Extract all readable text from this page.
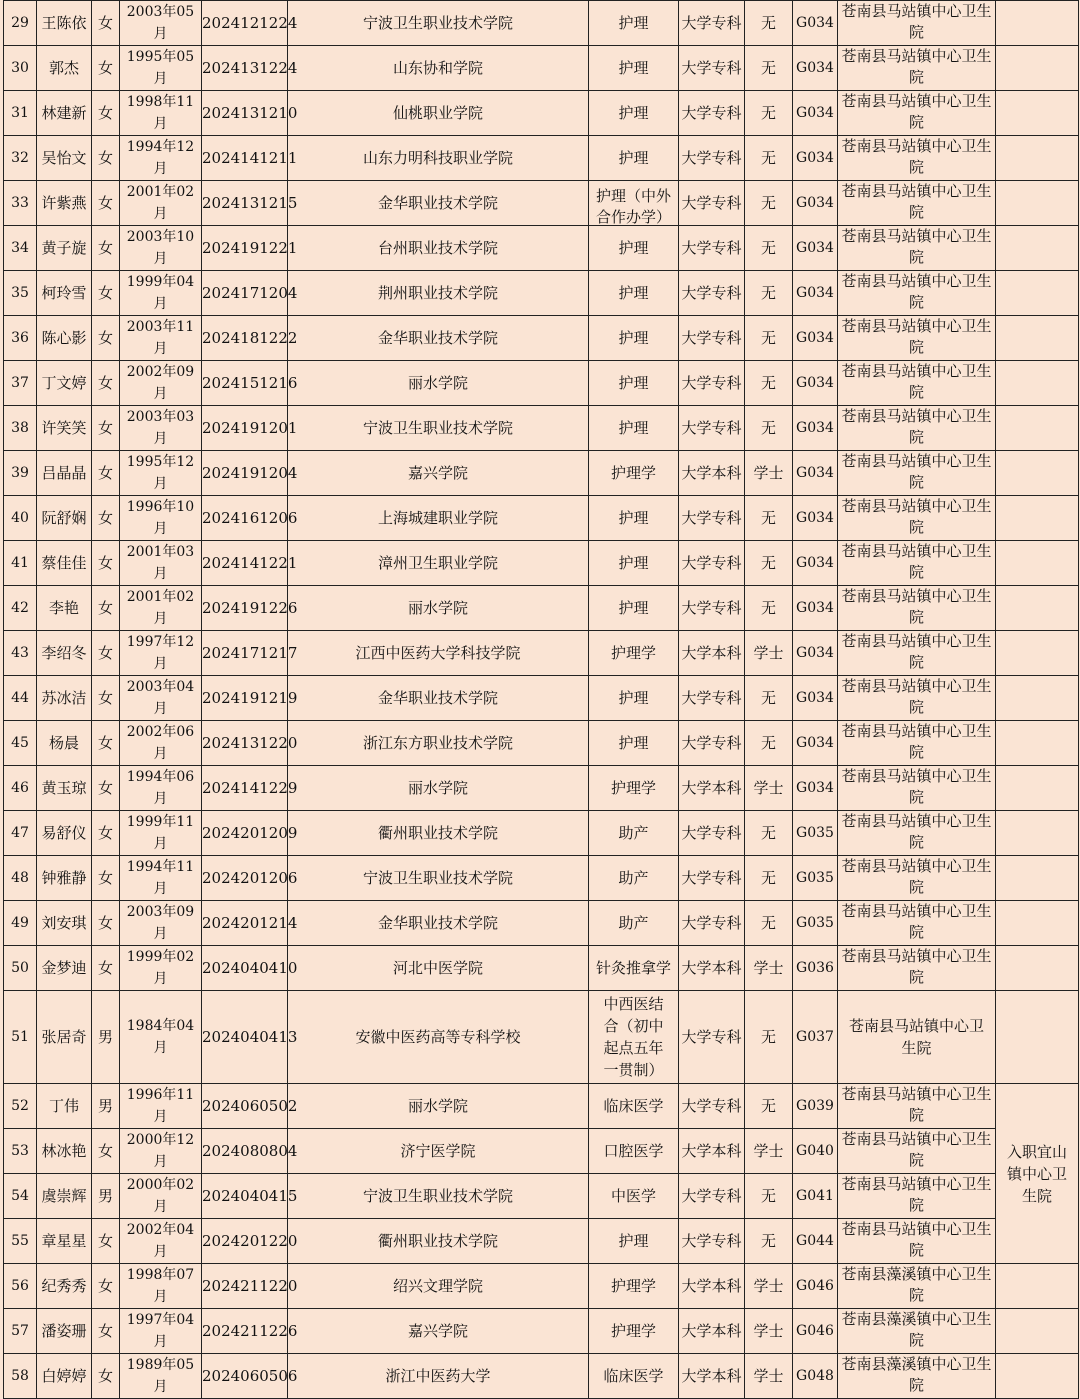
29	王陈依	女	2003年05月	2024121224	宁波卫生职业技术学院	护理	大学专科	无	G034	苍南县马站镇中心卫生院	

30	郭杰	女	1995年05月	2024131224	山东协和学院	护理	大学专科	无	G034	苍南县马站镇中心卫生院	

31	林建新	女	1998年11月	2024131210	仙桃职业学院	护理	大学专科	无	G034	苍南县马站镇中心卫生院	

32	吴怡文	女	1994年12月	2024141211	山东力明科技职业学院	护理	大学专科	无	G034	苍南县马站镇中心卫生院	

33	许紫燕	女	2001年02月	2024131215	金华职业技术学院	护理（中外合作办学）	大学专科	无	G034	苍南县马站镇中心卫生院	

34	黄子旋	女	2003年10月	2024191221	台州职业技术学院	护理	大学专科	无	G034	苍南县马站镇中心卫生院	

35	柯玲雪	女	1999年04月	2024171204	荆州职业技术学院	护理	大学专科	无	G034	苍南县马站镇中心卫生院	

36	陈心影	女	2003年11月	2024181222	金华职业技术学院	护理	大学专科	无	G034	苍南县马站镇中心卫生院	

37	丁文婷	女	2002年09月	2024151216	丽水学院	护理	大学专科	无	G034	苍南县马站镇中心卫生院	

38	许笑笑	女	2003年03月	2024191201	宁波卫生职业技术学院	护理	大学专科	无	G034	苍南县马站镇中心卫生院	

39	吕晶晶	女	1995年12月	2024191204	嘉兴学院	护理学	大学本科	学士	G034	苍南县马站镇中心卫生院	

40	阮舒娴	女	1996年10月	2024161206	上海城建职业学院	护理	大学专科	无	G034	苍南县马站镇中心卫生院	

41	蔡佳佳	女	2001年03月	2024141221	漳州卫生职业学院	护理	大学专科	无	G034	苍南县马站镇中心卫生院	

42	李艳	女	2001年02月	2024191226	丽水学院	护理	大学专科	无	G034	苍南县马站镇中心卫生院	

43	李绍冬	女	1997年12月	2024171217	江西中医药大学科技学院	护理学	大学本科	学士	G034	苍南县马站镇中心卫生院	

44	苏冰洁	女	2003年04月	2024191219	金华职业技术学院	护理	大学专科	无	G034	苍南县马站镇中心卫生院	

45	杨晨	女	2002年06月	2024131220	浙江东方职业技术学院	护理	大学专科	无	G034	苍南县马站镇中心卫生院	

46	黄玉琼	女	1994年06月	2024141229	丽水学院	护理学	大学本科	学士	G034	苍南县马站镇中心卫生院	

47	易舒仪	女	1999年11月	2024201209	衢州职业技术学院	助产	大学专科	无	G035	苍南县马站镇中心卫生院	

48	钟雅静	女	1994年11月	2024201206	宁波卫生职业技术学院	助产	大学专科	无	G035	苍南县马站镇中心卫生院	

49	刘安琪	女	2003年09月	2024201214	金华职业技术学院	助产	大学专科	无	G035	苍南县马站镇中心卫生院	

50	金梦迪	女	1999年02月	2024040410	河北中医学院	针灸推拿学	大学本科	学士	G036	苍南县马站镇中心卫生院	

51	张居奇	男	1984年04月	2024040413	安徽中医药高等专科学校	中西医结合（初中起点五年一贯制）	大学专科	无	G037	苍南县马站镇中心卫生院	

52	丁伟	男	1996年11月	2024060502	丽水学院	临床医学	大学专科	无	G039	苍南县马站镇中心卫生院	入职宜山镇中心卫生院

53	林冰艳	女	2000年12月	2024080804	济宁医学院	口腔医学	大学本科	学士	G040	苍南县马站镇中心卫生院	

54	虞崇辉	男	2000年02月	2024040415	宁波卫生职业技术学院	中医学	大学专科	无	G041	苍南县马站镇中心卫生院	

55	章星星	女	2002年04月	2024201220	衢州职业技术学院	护理	大学专科	无	G044	苍南县马站镇中心卫生院	

56	纪秀秀	女	1998年07月	2024211220	绍兴文理学院	护理学	大学本科	学士	G046	苍南县藻溪镇中心卫生院	

57	潘姿珊	女	1997年04月	2024211226	嘉兴学院	护理学	大学本科	学士	G046	苍南县藻溪镇中心卫生院	

58	白婷婷	女	1989年05月	2024060506	浙江中医药大学	临床医学	大学本科	学士	G048	苍南县藻溪镇中心卫生院	
